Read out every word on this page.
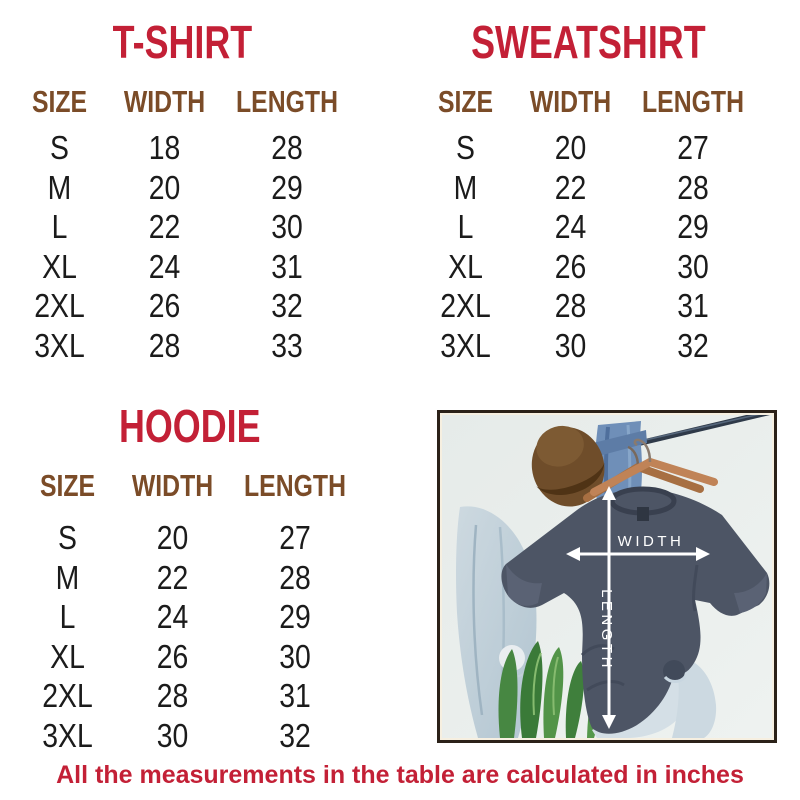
T-SHIRT
SIZE	WIDTH LENGTH
S	18	28
M	20	29
L	22	30
XL	24	31
2XL	26	32
3XL	28	33
SWEATSHIRT
SIZE	WIDTH LENGTH
S	20	27
M	22	28
L	24	29
XL	26	30
2XL	28	31
3XL	30	32
HOODIE
SIZE	WIDTH LENGTH
S	20	27
M	22	28
L	24	29
XL	26	30
2XL	28	31
3XL	30	32
WIDTH
LENGTH
All the measurements in the table are calculated in inches
